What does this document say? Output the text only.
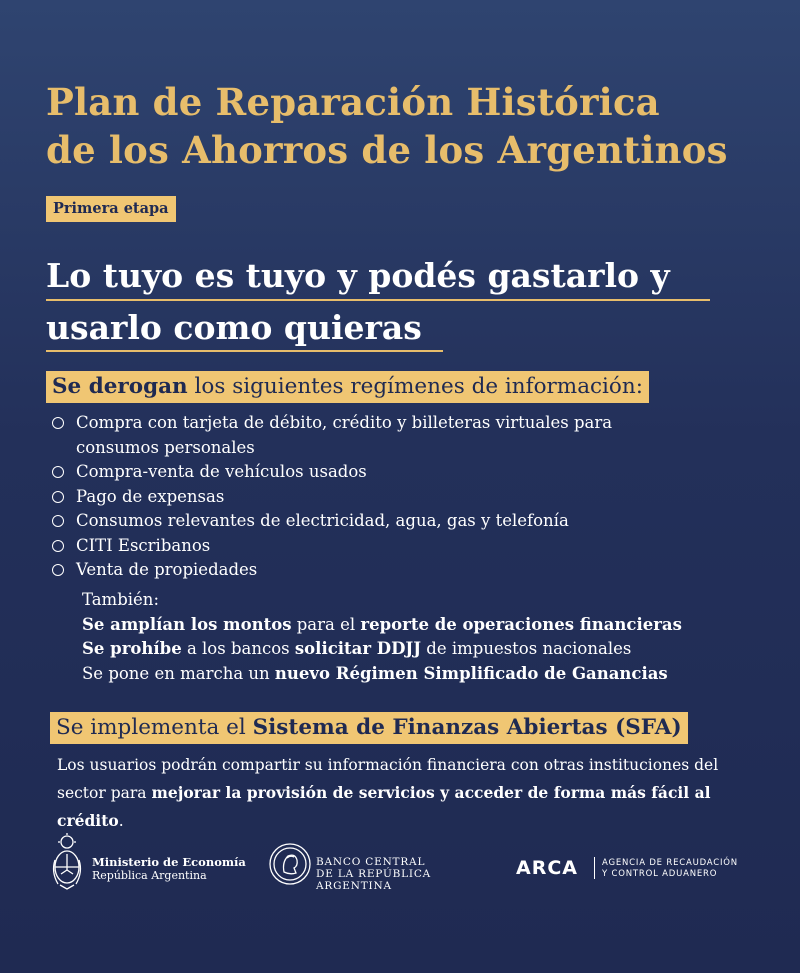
Plan de Reparación Histórica
de los Ahorros de los Argentinos
Primera etapa
Lo tuyo es tuyo y podés gastarlo y
usarlo como quieras
Se derogan los siguientes regímenes de información:
Compra con tarjeta de débito, crédito y billeteras virtuales para consumos personales
Compra-venta de vehículos usados
Pago de expensas
Consumos relevantes de electricidad, agua, gas y telefonía
CITI Escribanos
Venta de propiedades
También:
Se amplían los montos para el reporte de operaciones financieras
Se prohíbe a los bancos solicitar DDJJ de impuestos nacionales
Se pone en marcha un nuevo Régimen Simplificado de Ganancias
Se implementa el Sistema de Finanzas Abiertas (SFA)
Los usuarios podrán compartir su información financiera con otras instituciones del sector para mejorar la provisión de servicios y acceder de forma más fácil al crédito.
Ministerio de Economía
República Argentina
BANCO CENTRAL
DE LA REPÚBLICA ARGENTINA
ARCA	AGENCIA DE RECAUDACIÓN
Y CONTROL ADUANERO
